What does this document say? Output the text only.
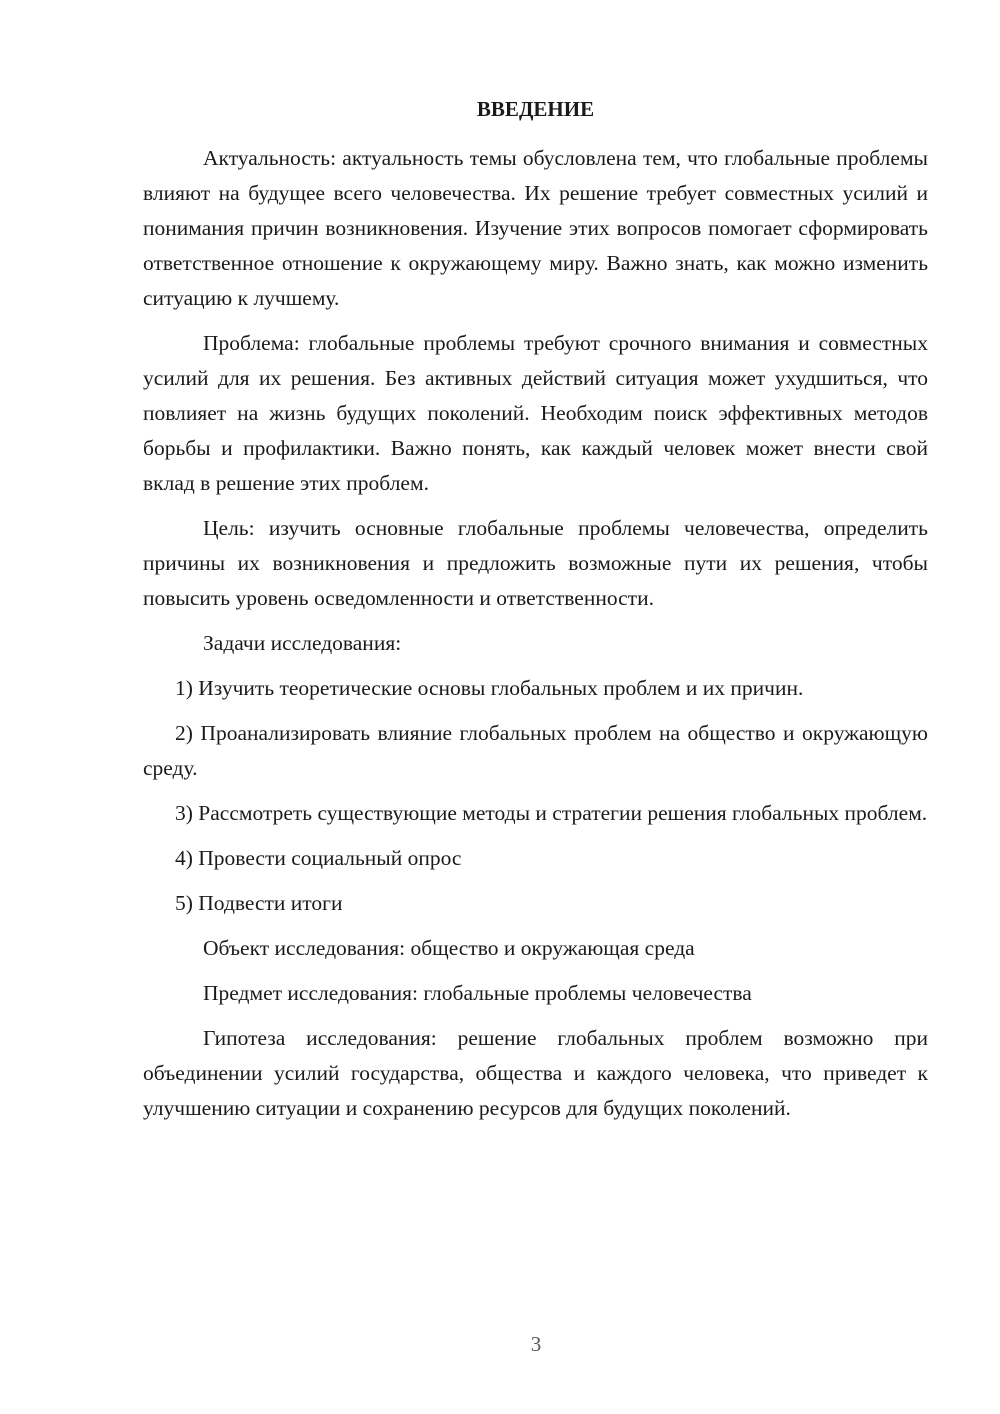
ВВЕДЕНИЕ

Актуальность: актуальность темы обусловлена тем, что глобальные проблемы влияют на будущее всего человечества. Их решение требует совместных усилий и понимания причин возникновения. Изучение этих вопросов помогает сформировать ответственное отношение к окружающему миру. Важно знать, как можно изменить ситуацию к лучшему.

Проблема: глобальные проблемы требуют срочного внимания и совместных усилий для их решения. Без активных действий ситуация может ухудшиться, что повлияет на жизнь будущих поколений. Необходим поиск эффективных методов борьбы и профилактики. Важно понять, как каждый человек может внести свой вклад в решение этих проблем.

Цель: изучить основные глобальные проблемы человечества, определить причины их возникновения и предложить возможные пути их решения, чтобы повысить уровень осведомленности и ответственности.

Задачи исследования:

1) Изучить теоретические основы глобальных проблем и их причин.

2) Проанализировать влияние глобальных проблем на общество и окружающую среду.

3) Рассмотреть существующие методы и стратегии решения глобальных проблем.

4) Провести социальный опрос

5) Подвести итоги

Объект исследования: общество и окружающая среда

Предмет исследования: глобальные проблемы человечества

Гипотеза исследования: решение глобальных проблем возможно при объединении усилий государства, общества и каждого человека, что приведет к улучшению ситуации и сохранению ресурсов для будущих поколений.

3
